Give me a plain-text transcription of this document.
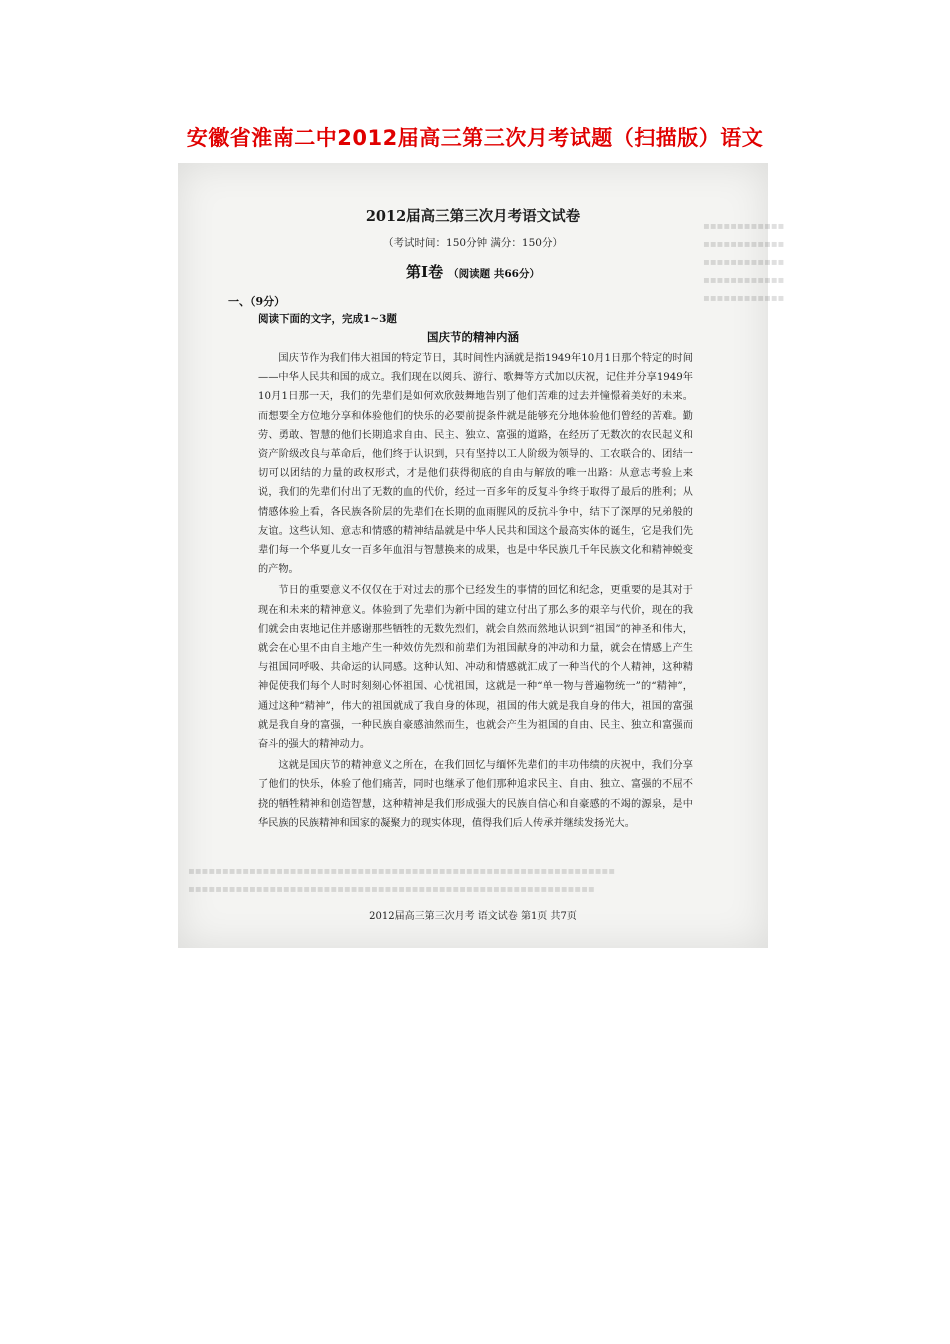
安徽省淮南二中2012届高三第三次月考试题（扫描版）语文
▪▪▪▪▪▪▪▪▪▪▪▪
▪▪▪▪▪▪▪▪▪▪▪▪
▪▪▪▪▪▪▪▪▪▪▪▪
▪▪▪▪▪▪▪▪▪▪▪▪
▪▪▪▪▪▪▪▪▪▪▪▪
▪▪▪▪▪▪▪▪▪▪▪▪▪▪▪▪▪▪▪▪▪▪▪▪▪▪▪▪▪▪▪▪▪▪▪▪▪▪▪▪▪▪▪▪▪▪▪▪▪▪▪▪▪▪▪▪▪▪▪▪▪▪▪
▪▪▪▪▪▪▪▪▪▪▪▪▪▪▪▪▪▪▪▪▪▪▪▪▪▪▪▪▪▪▪▪▪▪▪▪▪▪▪▪▪▪▪▪▪▪▪▪▪▪▪▪▪▪▪▪▪▪▪▪
2012届高三第三次月考语文试卷
（考试时间：150分钟 满分：150分）
第Ⅰ卷 （阅读题 共66分）
一、（9分）
阅读下面的文字，完成1~3题
国庆节的精神内涵

国庆节作为我们伟大祖国的特定节日，其时间性内涵就是指1949年10月1日那个特定的时间——中华人民共和国的成立。我们现在以阅兵、游行、歌舞等方式加以庆祝，记住并分享1949年10月1日那一天，我们的先辈们是如何欢欣鼓舞地告别了他们苦难的过去并憧憬着美好的未来。而想要全方位地分享和体验他们的快乐的必要前提条件就是能够充分地体验他们曾经的苦难。勤劳、勇敢、智慧的他们长期追求自由、民主、独立、富强的道路，在经历了无数次的农民起义和资产阶级改良与革命后，他们终于认识到，只有坚持以工人阶级为领导的、工农联合的、团结一切可以团结的力量的政权形式，才是他们获得彻底的自由与解放的唯一出路：从意志考验上来说，我们的先辈们付出了无数的血的代价，经过一百多年的反复斗争终于取得了最后的胜利；从情感体验上看，各民族各阶层的先辈们在长期的血雨腥风的反抗斗争中，结下了深厚的兄弟般的友谊。这些认知、意志和情感的精神结晶就是中华人民共和国这个最高实体的诞生，它是我们先辈们每一个华夏儿女一百多年血泪与智慧换来的成果，也是中华民族几千年民族文化和精神蜕变的产物。

节日的重要意义不仅仅在于对过去的那个已经发生的事情的回忆和纪念，更重要的是其对于现在和未来的精神意义。体验到了先辈们为新中国的建立付出了那么多的艰辛与代价，现在的我们就会由衷地记住并感谢那些牺牲的无数先烈们，就会自然而然地认识到“祖国”的神圣和伟大，就会在心里不由自主地产生一种效仿先烈和前辈们为祖国献身的冲动和力量，就会在情感上产生与祖国同呼吸、共命运的认同感。这种认知、冲动和情感就汇成了一种当代的个人精神，这种精神促使我们每个人时时刻刻心怀祖国、心忧祖国，这就是一种“单一物与普遍物统一”的“精神”，通过这种“精神”，伟大的祖国就成了我自身的体现，祖国的伟大就是我自身的伟大，祖国的富强就是我自身的富强，一种民族自豪感油然而生，也就会产生为祖国的自由、民主、独立和富强而奋斗的强大的精神动力。

这就是国庆节的精神意义之所在，在我们回忆与缅怀先辈们的丰功伟绩的庆祝中，我们分享了他们的快乐，体验了他们痛苦，同时也继承了他们那种追求民主、自由、独立、富强的不屈不挠的牺牲精神和创造智慧，这种精神是我们形成强大的民族自信心和自豪感的不竭的源泉，是中华民族的民族精神和国家的凝聚力的现实体现，值得我们后人传承并继续发扬光大。

2012届高三第三次月考 语文试卷 第1页 共7页
